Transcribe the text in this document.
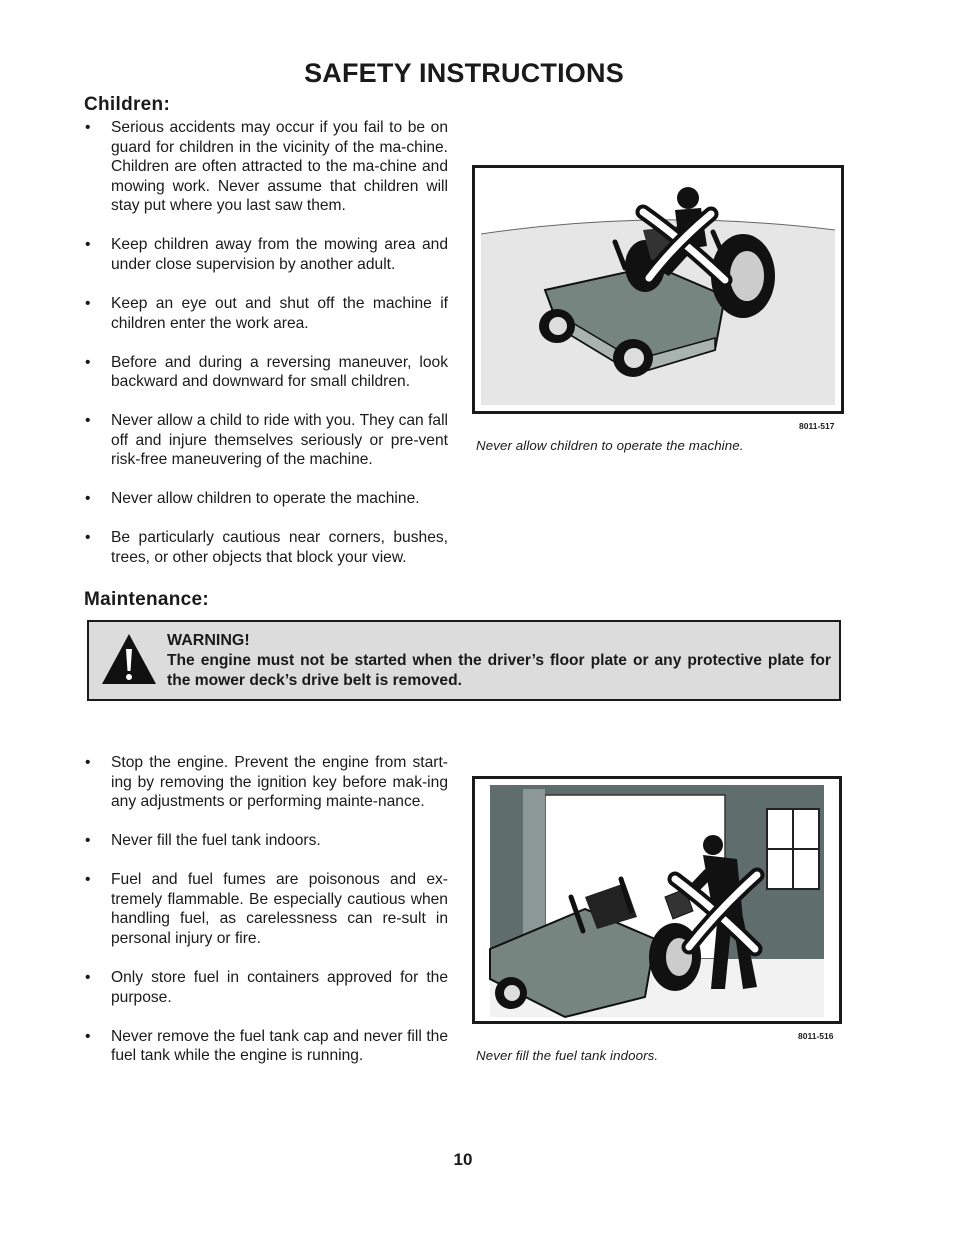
SAFETY INSTRUCTIONS
Children:
• Serious accidents may occur if you fail to be on guard for children in the vicinity of the ma-chine. Children are often attracted to the ma-chine and mowing work. Never assume that children will stay put where you last saw them.
• Keep children away from the mowing area and under close supervision by another adult.
• Keep an eye out and shut off the machine if children enter the work area.
• Before and during a reversing maneuver, look backward and downward for small children.
• Never allow a child to ride with you. They can fall off and injure themselves seriously or pre-vent risk-free maneuvering of the machine.
• Never allow children to operate the machine.
• Be particularly cautious near corners, bushes, trees, or other objects that block your view.
8011-517
Never allow children to operate the machine.
Maintenance:
WARNING!
The engine must not be started when the driver’s floor plate or any protective plate for the mower deck’s drive belt is removed.
• Stop the engine. Prevent the engine from start-ing by removing the ignition key before mak-ing any adjustments or performing mainte-nance.
• Never fill the fuel tank indoors.
• Fuel and fuel fumes are poisonous and ex-tremely flammable. Be especially cautious when handling fuel, as carelessness can re-sult in personal injury or fire.
• Only store fuel in containers approved for the purpose.
• Never remove the fuel tank cap and never fill the fuel tank while the engine is running.
8011-516
Never fill the fuel tank indoors.
10
